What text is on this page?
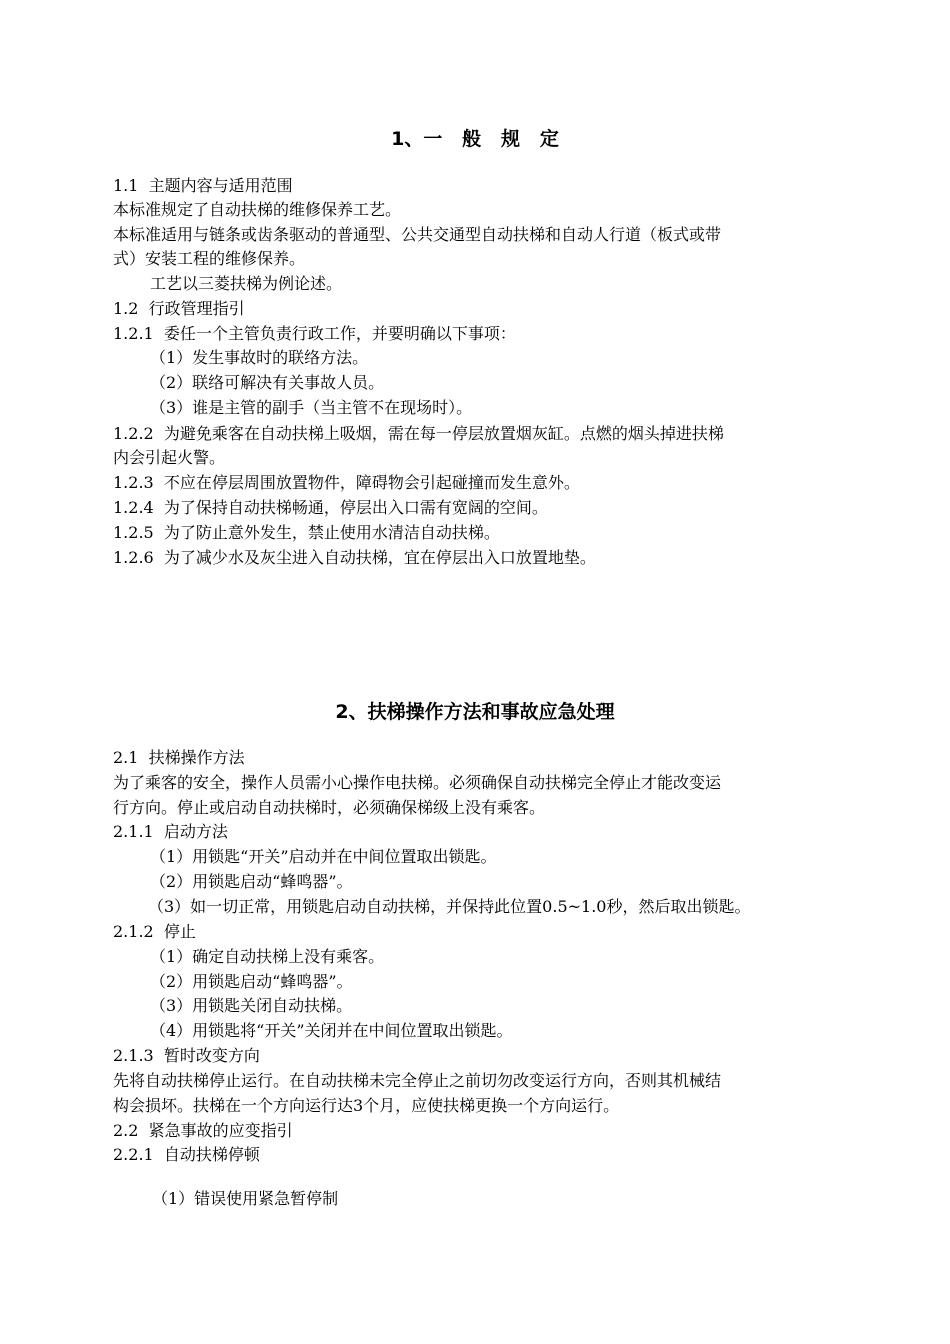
1、一   般   规   定
1.1  主题内容与适用范围
本标准规定了自动扶梯的维修保养工艺。
本标准适用与链条或齿条驱动的普通型、公共交通型自动扶梯和自动人行道（板式或带
式）安装工程的维修保养。
工艺以三菱扶梯为例论述。
1.2  行政管理指引
1.2.1  委任一个主管负责行政工作，并要明确以下事项：
（1）发生事故时的联络方法。
（2）联络可解决有关事故人员。
（3）谁是主管的副手（当主管不在现场时）。
1.2.2  为避免乘客在自动扶梯上吸烟，需在每一停层放置烟灰缸。点燃的烟头掉进扶梯
内会引起火警。
1.2.3  不应在停层周围放置物件，障碍物会引起碰撞而发生意外。
1.2.4  为了保持自动扶梯畅通，停层出入口需有宽阔的空间。
1.2.5  为了防止意外发生，禁止使用水清洁自动扶梯。
1.2.6  为了减少水及灰尘进入自动扶梯，宜在停层出入口放置地垫。
2、扶梯操作方法和事故应急处理
2.1  扶梯操作方法
为了乘客的安全，操作人员需小心操作电扶梯。必须确保自动扶梯完全停止才能改变运
行方向。停止或启动自动扶梯时，必须确保梯级上没有乘客。
2.1.1  启动方法
（1）用锁匙“开关”启动并在中间位置取出锁匙。
（2）用锁匙启动“蜂鸣器”。
（3）如一切正常，用锁匙启动自动扶梯，并保持此位置0.5~1.0秒，然后取出锁匙。
2.1.2  停止
（1）确定自动扶梯上没有乘客。
（2）用锁匙启动“蜂鸣器”。
（3）用锁匙关闭自动扶梯。
（4）用锁匙将“开关”关闭并在中间位置取出锁匙。
2.1.3  暂时改变方向
先将自动扶梯停止运行。在自动扶梯未完全停止之前切勿改变运行方向，否则其机械结
构会损坏。扶梯在一个方向运行达3个月，应使扶梯更换一个方向运行。
2.2  紧急事故的应变指引
2.2.1  自动扶梯停顿
（1）错误使用紧急暂停制
